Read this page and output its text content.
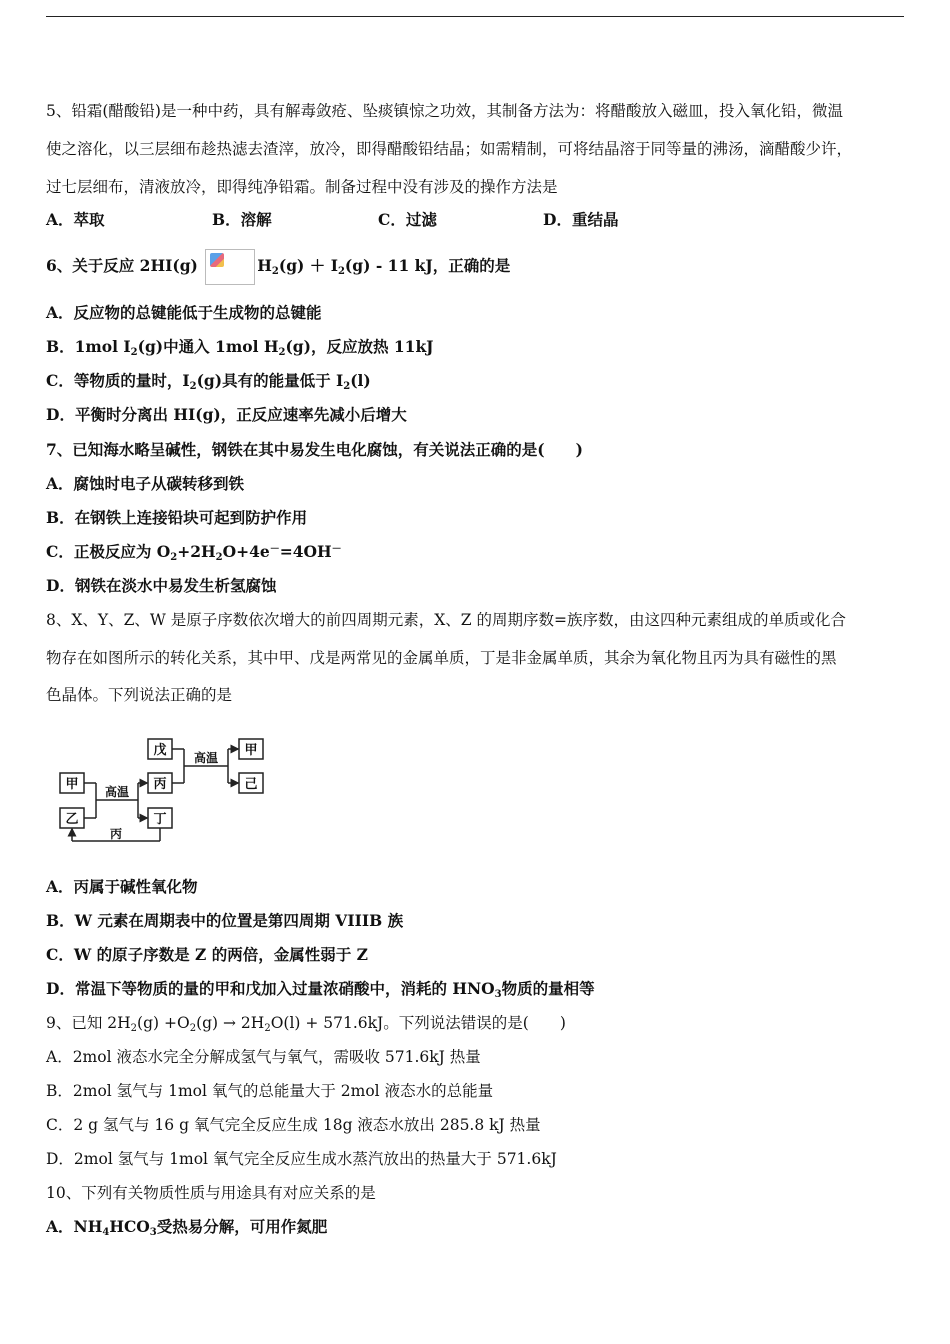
5、铅霜(醋酸铅)是一种中药，具有解毒敛疮、坠痰镇惊之功效，其制备方法为：将醋酸放入磁皿，投入氧化铅，微温
使之溶化，以三层细布趁热滤去渣滓，放冷，即得醋酸铅结晶；如需精制，可将结晶溶于同等量的沸汤，滴醋酸少许，
过七层细布，清液放冷，即得纯净铅霜。制备过程中没有涉及的操作方法是
A．萃取	B．溶解	C．过滤	D．重结晶
6、关于反应 2HI(g)	$H_2(g) + I_2(g) - 11$ kJ，正确的是
A．反应物的总键能低于生成物的总键能
B．1mol $I_2(g)$中通入 1mol $H_2(g)$，反应放热 11kJ
C．等物质的量时，$I_2(g)$具有的能量低于 $I_2(l)$
D．平衡时分离出 HI(g)，正反应速率先减小后增大
7、已知海水略呈碱性，钢铁在其中易发生电化腐蚀，有关说法正确的是(　　)
A．腐蚀时电子从碳转移到铁
B．在钢铁上连接铅块可起到防护作用
C．正极反应为 $O_2+2H_2O+4e^-=4OH^-$
D．钢铁在淡水中易发生析氢腐蚀
8、X、Y、Z、W 是原子序数依次增大的前四周期元素，X、Z 的周期序数=族序数，由这四种元素组成的单质或化合
物存在如图所示的转化关系，其中甲、戊是两常见的金属单质，丁是非金属单质，其余为氧化物且丙为具有磁性的黑
色晶体。下列说法正确的是
甲
乙
丙
丁
戊	甲
己
高温
高温
丙
A．丙属于碱性氧化物
B．W 元素在周期表中的位置是第四周期 VIIIB 族
C．W 的原子序数是 Z 的两倍，金属性弱于 Z
D．常温下等物质的量的甲和戊加入过量浓硝酸中，消耗的 $HNO_3$物质的量相等
9、已知 $2H_2(g) +O_2(g) \to 2H_2O(l) + 571.6kJ$。下列说法错误的是(　　)
A．2mol 液态水完全分解成氢气与氧气，需吸收 571.6kJ 热量
B．2mol 氢气与 1mol 氧气的总能量大于 2mol 液态水的总能量
C．2 g 氢气与 16 g 氧气完全反应生成 18g 液态水放出 285.8 kJ 热量
D．2mol 氢气与 1mol 氧气完全反应生成水蒸汽放出的热量大于 571.6kJ
10、下列有关物质性质与用途具有对应关系的是
A．$NH_4HCO_3$受热易分解，可用作氮肥
